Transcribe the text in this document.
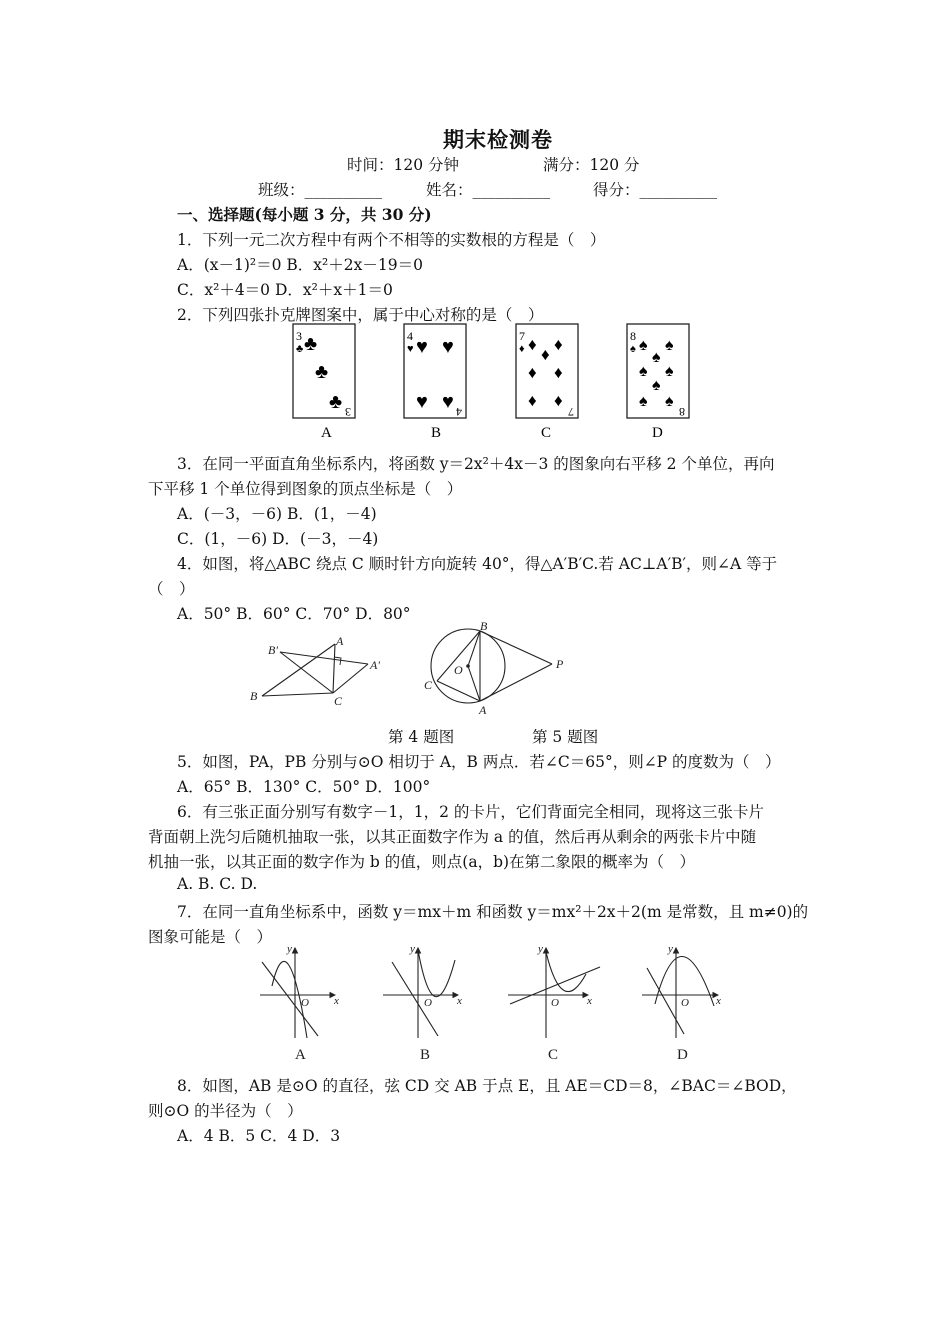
期末检测卷
时间：120 分钟	满分：120 分
班级：__________	姓名：__________	得分：__________
一、选择题(每小题 3 分，共 30 分)
1．下列一元二次方程中有两个不相等的实数根的方程是（　）
A．(x－1)²＝0 B．x²＋2x－19＝0
C．x²＋4＝0 D．x²＋x＋1＝0
2．下列四张扑克牌图案中，属于中心对称的是（　）
3
♣ ♣
♣
♣ 3
A
4
♥ ♥ ♥
♥ ♥ 4
B
7
♦ ♦ ♦
♦
♦ ♦
♦ ♦
7
C
8
♠ ♠ ♠
♠
♠ ♠
♠
♠ ♠
8
D
3．在同一平面直角坐标系内，将函数 y＝2x²＋4x－3 的图象向右平移 2 个单位，再向
下平移 1 个单位得到图象的顶点坐标是（　）
A．(－3，－6) B．(1，－4)
C．(1，－6) D．(－3，－4)
4．如图，将△ABC 绕点 C 顺时针方向旋转 40°，得△A′B′C.若 AC⊥A′B′，则∠A 等于
（　）
A．50° B．60° C．70° D．80°
B′
A
A′
B	C
B
O	P
C
A
第 4 题图	第 5 题图
5．如图，PA，PB 分别与⊙O 相切于 A，B 两点．若∠C＝65°，则∠P 的度数为（　）
A．65° B．130° C．50° D．100°
6．有三张正面分别写有数字－1，1，2 的卡片，它们背面完全相同，现将这三张卡片
背面朝上洗匀后随机抽取一张，以其正面数字作为 a 的值，然后再从剩余的两张卡片中随
机抽一张，以其正面的数字作为 b 的值，则点(a，b)在第二象限的概率为（　）
A. B. C. D.
7．在同一直角坐标系中，函数 y＝mx＋m 和函数 y＝mx²＋2x＋2(m 是常数，且 m≠0)的
图象可能是（　）
y
x
O
A
y
x
O
B
y
x
O
C
y
x
O
D
8．如图，AB 是⊙O 的直径，弦 CD 交 AB 于点 E，且 AE＝CD＝8，∠BAC＝∠BOD，
则⊙O 的半径为（　）
A．4 B．5 C．4 D．3
